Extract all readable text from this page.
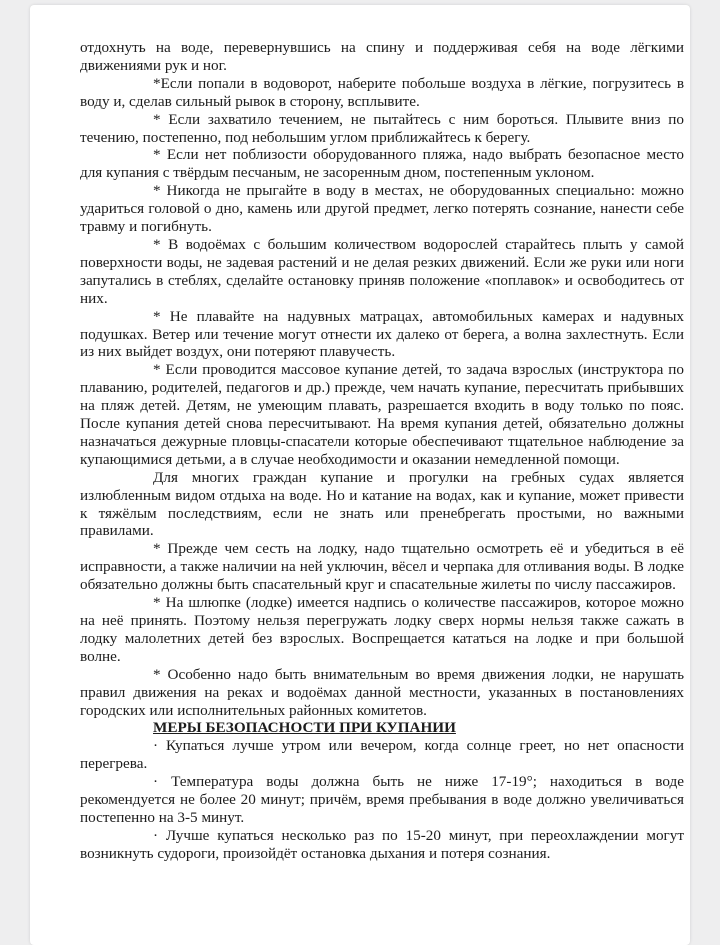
отдохнуть на воде, перевернувшись на спину и поддерживая себя на воде лёгкими движениями рук и ног.

*Если попали в водоворот, наберите побольше воздуха в лёгкие, погрузитесь в воду и, сделав сильный рывок в сторону, всплывите.

* Если захватило течением, не пытайтесь с ним бороться. Плывите вниз по течению, постепенно, под небольшим углом приближайтесь к берегу.

* Если нет поблизости оборудованного пляжа, надо выбрать безопасное место для купания с твёрдым песчаным, не засоренным дном, постепенным уклоном.

* Никогда не прыгайте в воду в местах, не оборудованных специально: можно удариться головой о дно, камень или другой предмет, легко потерять сознание, нанести себе травму и погибнуть.

* В водоёмах с большим количеством водорослей старайтесь плыть у самой поверхности воды, не задевая растений и не делая резких движений. Если же руки или ноги запутались в стеблях, сделайте остановку приняв положение «поплавок» и освободитесь от них.

* Не плавайте на надувных матрацах, автомобильных камерах и надувных подушках. Ветер или течение могут отнести их далеко от берега, а волна захлестнуть. Если из них выйдет воздух, они потеряют плавучесть.

* Если проводится массовое купание детей, то задача взрослых (инструктора по плаванию, родителей, педагогов и др.) прежде, чем начать купание, пересчитать прибывших на пляж детей. Детям, не умеющим плавать, разрешается входить в воду только по пояс. После купания детей снова пересчитывают. На время купания детей, обязательно должны назначаться дежурные пловцы-спасатели которые обеспечивают тщательное наблюдение за купающимися детьми, а в случае необходимости и оказании немедленной помощи.

Для многих граждан купание и прогулки на гребных судах является излюбленным видом отдыха на воде. Но и катание на водах, как и купание, может привести к тяжёлым последствиям, если не знать или пренебрегать простыми, но важными правилами.

* Прежде чем сесть на лодку, надо тщательно осмотреть её и убедиться в её исправности, а также наличии на ней уключин, вёсел и черпака для отливания воды. В лодке обязательно должны быть спасательный круг и спасательные жилеты по числу пассажиров.

* На шлюпке (лодке) имеется надпись о количестве пассажиров, которое можно на неё принять. Поэтому нельзя перегружать лодку сверх нормы нельзя также сажать в лодку малолетних детей без взрослых. Воспрещается кататься на лодке и при большой волне.

* Особенно надо быть внимательным во время движения лодки, не нарушать правил движения на реках и водоёмах данной местности, указанных в постановлениях городских или исполнительных районных комитетов.

МЕРЫ БЕЗОПАСНОСТИ ПРИ КУПАНИИ

· Купаться лучше утром или вечером, когда солнце греет, но нет опасности перегрева.

· Температура воды должна быть не ниже 17-19°; находиться в воде рекомендуется не более 20 минут; причём, время пребывания в воде должно увеличиваться постепенно на 3-5 минут.

· Лучше купаться несколько раз по 15-20 минут, при переохлаждении могут возникнуть судороги, произойдёт остановка дыхания и потеря сознания.
